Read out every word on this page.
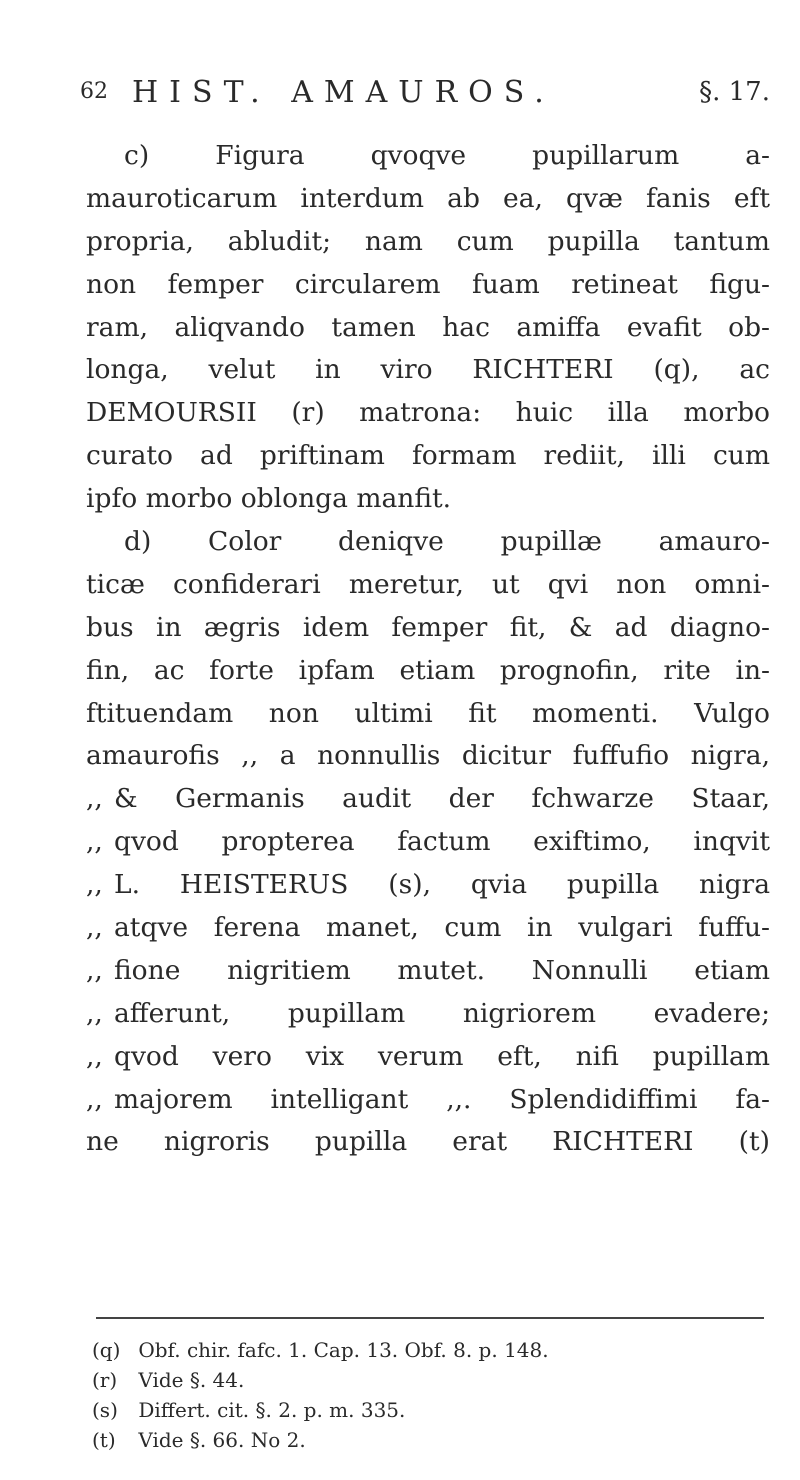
62 HIST. AMAUROS.	§. 17.
c) Figura qvoqve pupillarum a-
mauroticarum interdum ab ea, qvæ fanis eft
propria, abludit; nam cum pupilla tantum
non femper circularem fuam retineat figu-
ram, aliqvando tamen hac amiffa evafit ob-
longa, velut in viro RICHTERI (q), ac
DEMOURSII (r) matrona: huic illa morbo
curato ad priftinam formam rediit, illi cum
ipfo morbo oblonga manfit.
d) Color deniqve pupillæ amauro-
ticæ confiderari meretur, ut qvi non omni-
bus in ægris idem femper fit, & ad diagno-
fin, ac forte ipfam etiam prognofin, rite in-
ftituendam non ultimi fit momenti. Vulgo
amaurofis ,, a nonnullis dicitur fuffufio nigra,
,, & Germanis audit der fchwarze Staar,
,, qvod propterea factum exiftimo, inqvit
,, L. HEISTERUS (s), qvia pupilla nigra
,, atqve ferena manet, cum in vulgari fuffu-
,, fione nigritiem mutet. Nonnulli etiam
,, afferunt, pupillam nigriorem evadere;
,, qvod vero vix verum eft, nifi pupillam
,, majorem intelligant ,,. Splendidiffimi fa-
ne nigroris pupilla erat RICHTERI (t)
(q) Obf. chir. fafc. 1. Cap. 13. Obf. 8. p. 148.
(r) Vide §. 44.
(s) Differt. cit. §. 2. p. m. 335.
(t) Vide §. 66. No 2.
